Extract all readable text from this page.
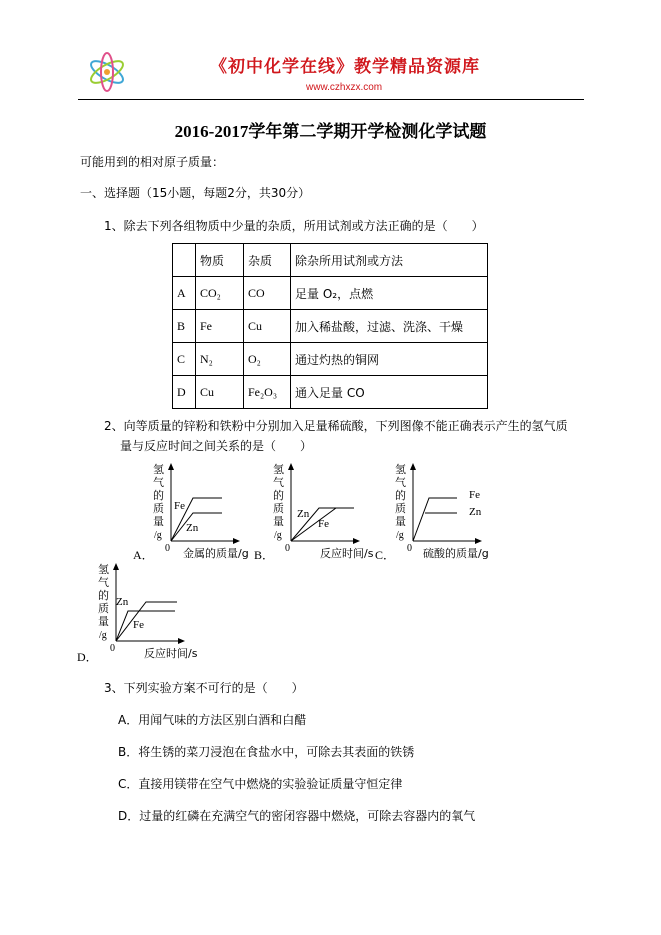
《初中化学在线》教学精品资源库
www.czhxzx.com
2016-2017学年第二学期开学检测化学试题
可能用到的相对原子质量：
一、选择题（15小题，每题2分，共30分）
1、除去下列各组物质中少量的杂质，所用试剂或方法正确的是（　　）
	物质	杂质	除杂所用试剂或方法
A	CO₂	CO	足量 O₂，点燃
B	Fe	Cu	加入稀盐酸，过滤、洗涤、干燥
C	N₂	O₂	通过灼热的铜网
D	Cu	Fe₂O₃	通入足量 CO
2、向等质量的锌粉和铁粉中分别加入足量稀硫酸，下列图像不能正确表示产生的氢气质
量与反应时间之间关系的是（　　）
氢气的质量
/g
0
Fe
Zn
A．	金属的质量/g
氢气的质量
/g
0
Zn
Fe
B．	反应时间/s
氢气的质量
/g
0
Fe
Zn
C．	硫酸的质量/g
氢气的质量
/g
0
Zn
Fe
D．	反应时间/s
3、下列实验方案不可行的是（　　）
A．用闻气味的方法区别白酒和白醋
B．将生锈的菜刀浸泡在食盐水中，可除去其表面的铁锈
C．直接用镁带在空气中燃烧的实验验证质量守恒定律
D．过量的红磷在充满空气的密闭容器中燃烧，可除去容器内的氧气
